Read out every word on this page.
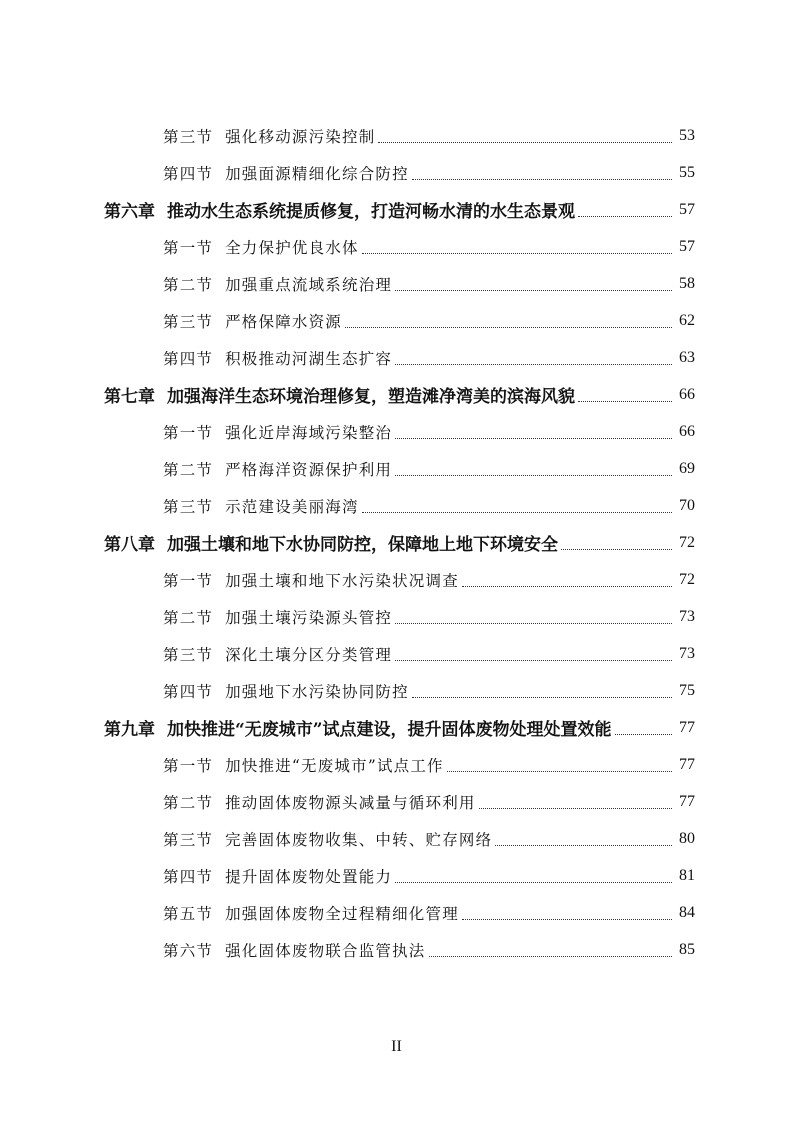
第三节 强化移动源污染控制	53
第四节 加强面源精细化综合防控	55
第六章 推动水生态系统提质修复，打造河畅水清的水生态景观	57
第一节 全力保护优良水体	57
第二节 加强重点流域系统治理	58
第三节 严格保障水资源	62
第四节 积极推动河湖生态扩容	63
第七章 加强海洋生态环境治理修复，塑造滩净湾美的滨海风貌	66
第一节 强化近岸海域污染整治	66
第二节 严格海洋资源保护利用	69
第三节 示范建设美丽海湾	70
第八章 加强土壤和地下水协同防控，保障地上地下环境安全	72
第一节 加强土壤和地下水污染状况调查	72
第二节 加强土壤污染源头管控	73
第三节 深化土壤分区分类管理	73
第四节 加强地下水污染协同防控	75
第九章 加快推进“无废城市”试点建设，提升固体废物处理处置效能	77
第一节 加快推进“无废城市”试点工作	77
第二节 推动固体废物源头减量与循环利用	77
第三节 完善固体废物收集、中转、贮存网络	80
第四节 提升固体废物处置能力	81
第五节 加强固体废物全过程精细化管理	84
第六节 强化固体废物联合监管执法	85
II
